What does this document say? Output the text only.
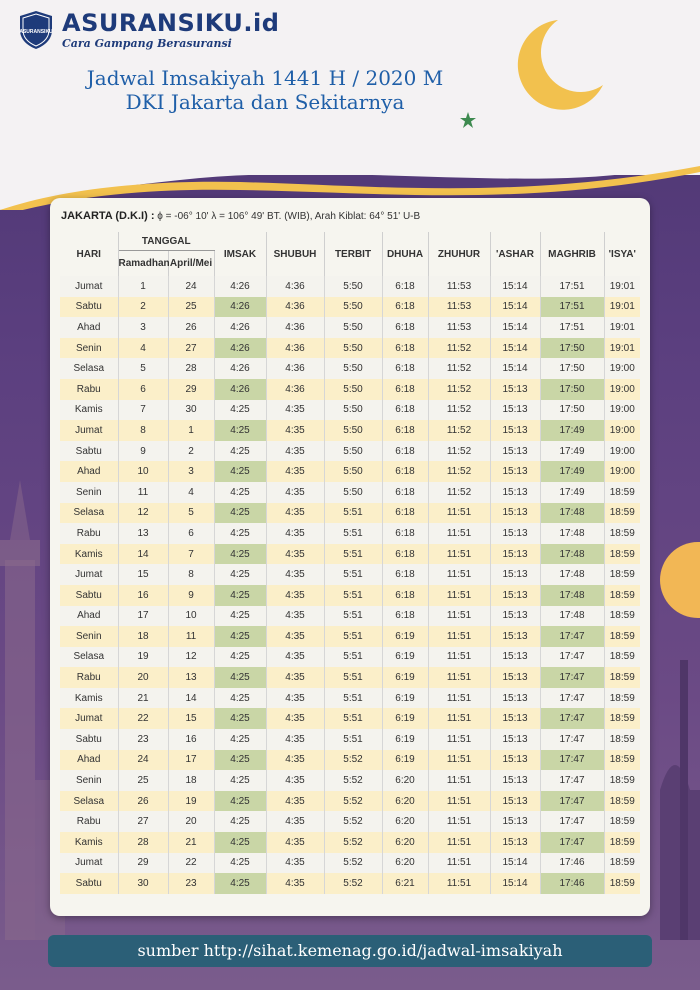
ASURANSIKU ASURANSIKU.id
Cara Gampang Berasuransi
Jadwal Imsakiyah 1441 H / 2020 M
DKI Jakarta dan Sekitarnya
JAKARTA (D.K.I) : ϕ = -06° 10' λ = 106° 49' BT. (WIB), Arah Kiblat: 64° 51' U-B
HARI	TANGGAL		IMSAK	SHUBUH	TERBIT	DHUHA	ZHUHUR	'ASHAR	MAGHRIB	'ISYA'
	Ramadhan	April/Mei								
Jumat	1	24	4:26	4:36	5:50	6:18	11:53	15:14	17:51	19:01
Sabtu	2	25	4:26	4:36	5:50	6:18	11:53	15:14	17:51	19:01
Ahad	3	26	4:26	4:36	5:50	6:18	11:53	15:14	17:51	19:01
Senin	4	27	4:26	4:36	5:50	6:18	11:52	15:14	17:50	19:01
Selasa	5	28	4:26	4:36	5:50	6:18	11:52	15:14	17:50	19:00
Rabu	6	29	4:26	4:36	5:50	6:18	11:52	15:13	17:50	19:00
Kamis	7	30	4:25	4:35	5:50	6:18	11:52	15:13	17:50	19:00
Jumat	8	1	4:25	4:35	5:50	6:18	11:52	15:13	17:49	19:00
Sabtu	9	2	4:25	4:35	5:50	6:18	11:52	15:13	17:49	19:00
Ahad	10	3	4:25	4:35	5:50	6:18	11:52	15:13	17:49	19:00
Senin	11	4	4:25	4:35	5:50	6:18	11:52	15:13	17:49	18:59
Selasa	12	5	4:25	4:35	5:51	6:18	11:51	15:13	17:48	18:59
Rabu	13	6	4:25	4:35	5:51	6:18	11:51	15:13	17:48	18:59
Kamis	14	7	4:25	4:35	5:51	6:18	11:51	15:13	17:48	18:59
Jumat	15	8	4:25	4:35	5:51	6:18	11:51	15:13	17:48	18:59
Sabtu	16	9	4:25	4:35	5:51	6:18	11:51	15:13	17:48	18:59
Ahad	17	10	4:25	4:35	5:51	6:18	11:51	15:13	17:48	18:59
Senin	18	11	4:25	4:35	5:51	6:19	11:51	15:13	17:47	18:59
Selasa	19	12	4:25	4:35	5:51	6:19	11:51	15:13	17:47	18:59
Rabu	20	13	4:25	4:35	5:51	6:19	11:51	15:13	17:47	18:59
Kamis	21	14	4:25	4:35	5:51	6:19	11:51	15:13	17:47	18:59
Jumat	22	15	4:25	4:35	5:51	6:19	11:51	15:13	17:47	18:59
Sabtu	23	16	4:25	4:35	5:51	6:19	11:51	15:13	17:47	18:59
Ahad	24	17	4:25	4:35	5:52	6:19	11:51	15:13	17:47	18:59
Senin	25	18	4:25	4:35	5:52	6:20	11:51	15:13	17:47	18:59
Selasa	26	19	4:25	4:35	5:52	6:20	11:51	15:13	17:47	18:59
Rabu	27	20	4:25	4:35	5:52	6:20	11:51	15:13	17:47	18:59
Kamis	28	21	4:25	4:35	5:52	6:20	11:51	15:13	17:47	18:59
Jumat	29	22	4:25	4:35	5:52	6:20	11:51	15:14	17:46	18:59
Sabtu	30	23	4:25	4:35	5:52	6:21	11:51	15:14	17:46	18:59
sumber http://sihat.kemenag.go.id/jadwal-imsakiyah
